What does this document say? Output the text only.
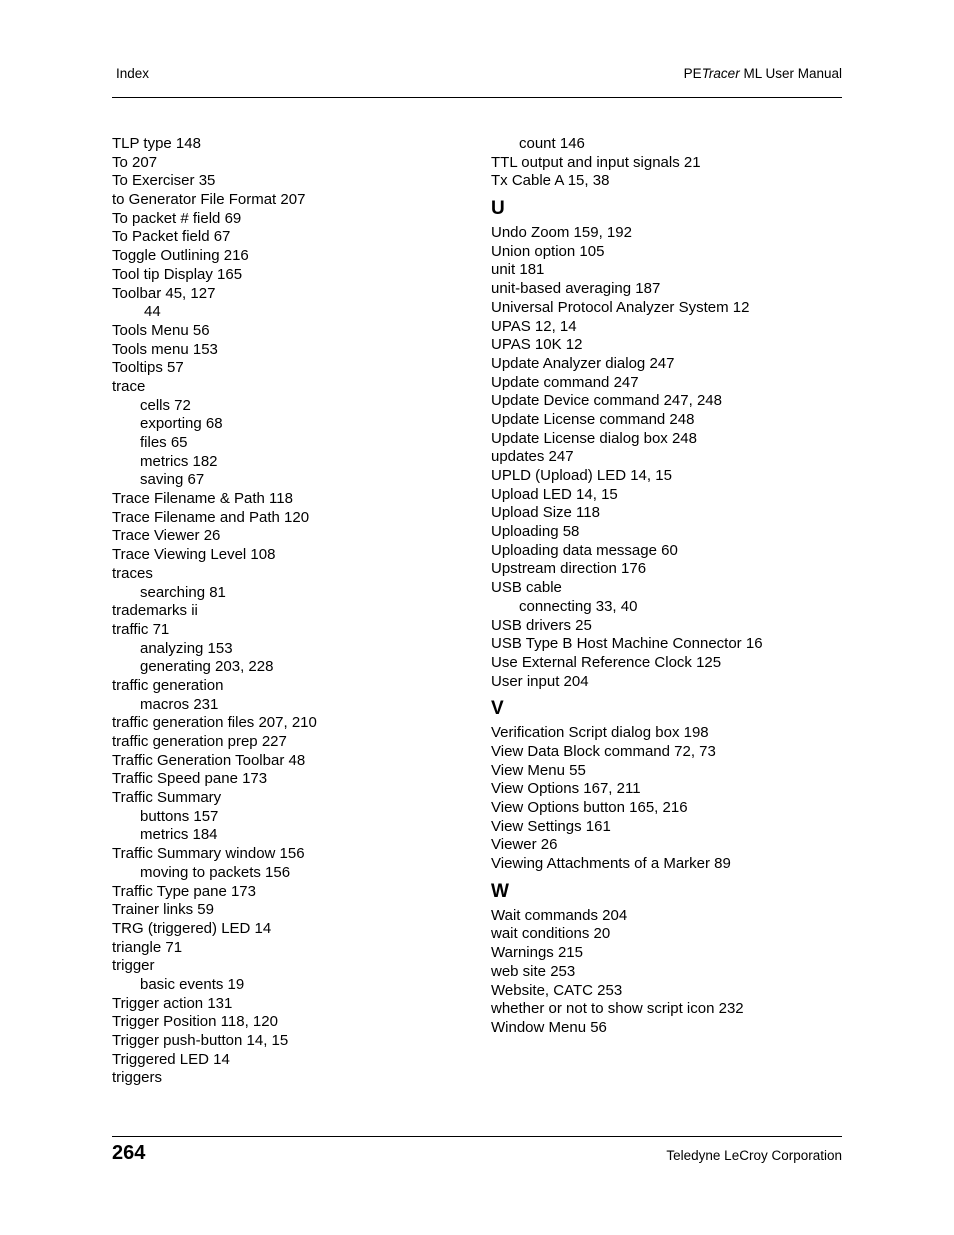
Index	PETracer ML User Manual
TLP type 148
To 207
To Exerciser 35
to Generator File Format 207
To packet # field 69
To Packet field 67
Toggle Outlining 216
Tool tip Display 165
Toolbar 45, 127
44
Tools Menu 56
Tools menu 153
Tooltips 57
trace
cells 72
exporting 68
files 65
metrics 182
saving 67
Trace Filename & Path 118
Trace Filename and Path 120
Trace Viewer 26
Trace Viewing Level 108
traces
searching 81
trademarks ii
traffic 71
analyzing 153
generating 203, 228
traffic generation
macros 231
traffic generation files 207, 210
traffic generation prep 227
Traffic Generation Toolbar 48
Traffic Speed pane 173
Traffic Summary
buttons 157
metrics 184
Traffic Summary window 156
moving to packets 156
Traffic Type pane 173
Trainer links 59
TRG (triggered) LED 14
triangle 71
trigger
basic events 19
Trigger action 131
Trigger Position 118, 120
Trigger push-button 14, 15
Triggered LED 14
triggers
count 146
TTL output and input signals 21
Tx Cable A 15, 38
U
Undo Zoom 159, 192
Union option 105
unit 181
unit-based averaging 187
Universal Protocol Analyzer System 12
UPAS 12, 14
UPAS 10K 12
Update Analyzer dialog 247
Update command 247
Update Device command 247, 248
Update License command 248
Update License dialog box 248
updates 247
UPLD (Upload) LED 14, 15
Upload LED 14, 15
Upload Size 118
Uploading 58
Uploading data message 60
Upstream direction 176
USB cable
connecting 33, 40
USB drivers 25
USB Type B Host Machine Connector 16
Use External Reference Clock 125
User input 204
V
Verification Script dialog box 198
View Data Block command 72, 73
View Menu 55
View Options 167, 211
View Options button 165, 216
View Settings 161
Viewer 26
Viewing Attachments of a Marker 89
W
Wait commands 204
wait conditions 20
Warnings 215
web site 253
Website, CATC 253
whether or not to show script icon 232
Window Menu 56
264	Teledyne LeCroy Corporation
